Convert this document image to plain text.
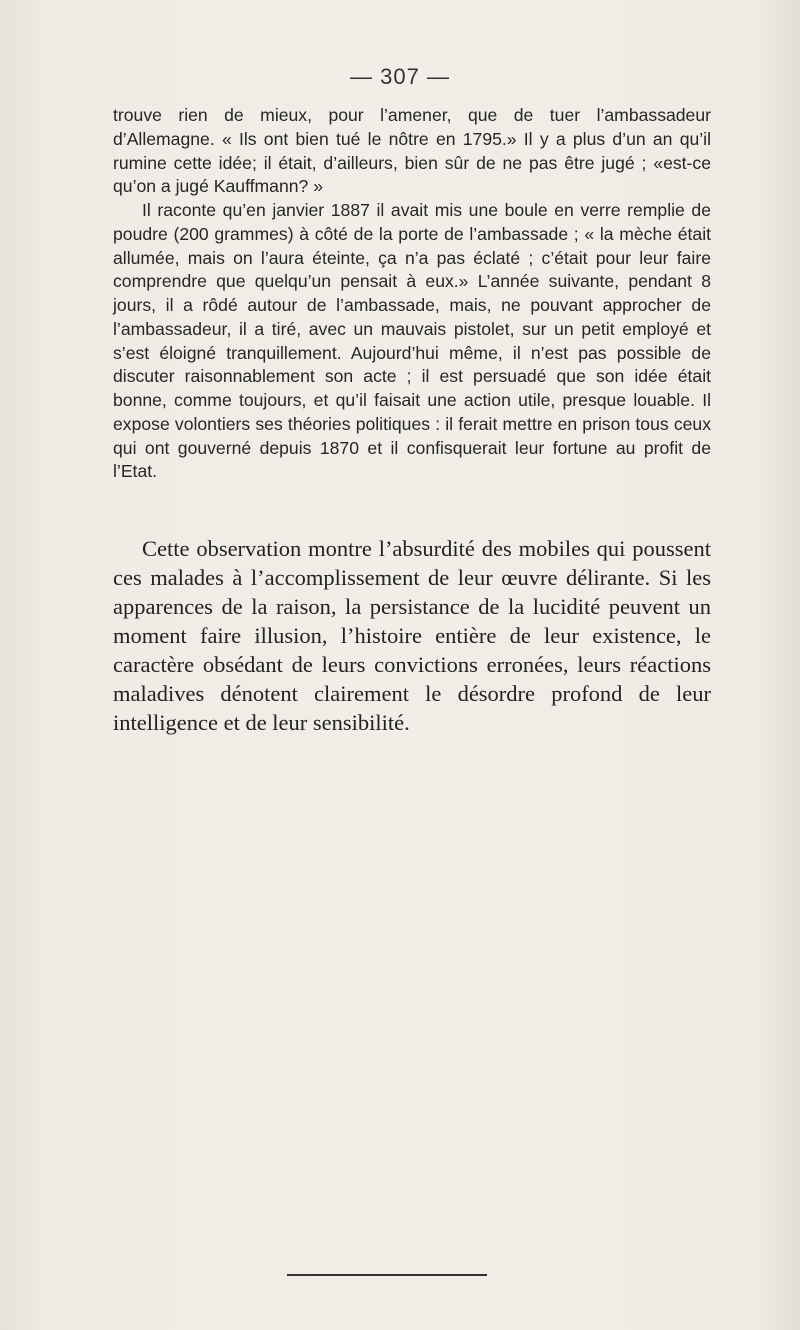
— 307 —

trouve rien de mieux, pour l’amener, que de tuer l’ambassadeur d’Allemagne. « Ils ont bien tué le nôtre en 1795.» Il y a plus d’un an qu’il rumine cette idée; il était, d’ailleurs, bien sûr de ne pas être jugé ; «est-ce qu’on a jugé Kauffmann? »

Il raconte qu’en janvier 1887 il avait mis une boule en verre remplie de poudre (200 grammes) à côté de la porte de l’ambassade ; « la mèche était allumée, mais on l’aura éteinte, ça n’a pas éclaté ; c’était pour leur faire comprendre que quelqu’un pensait à eux.» L’année suivante, pendant 8 jours, il a rôdé autour de l’ambassade, mais, ne pouvant approcher de l’ambassadeur, il a tiré, avec un mauvais pistolet, sur un petit employé et s’est éloigné tranquillement. Aujourd’hui même, il n’est pas possible de discuter raisonnablement son acte ; il est persuadé que son idée était bonne, comme toujours, et qu’il faisait une action utile, presque louable. Il expose volontiers ses théories politiques : il ferait mettre en prison tous ceux qui ont gouverné depuis 1870 et il confisquerait leur fortune au profit de l’Etat.

Cette observation montre l’absurdité des mobiles qui poussent ces malades à l’accomplissement de leur œuvre délirante. Si les apparences de la raison, la persistance de la lucidité peuvent un moment faire illusion, l’histoire entière de leur existence, le caractère obsédant de leurs convictions erronées, leurs réactions maladives dénotent clairement le désordre profond de leur intelligence et de leur sensibilité.
